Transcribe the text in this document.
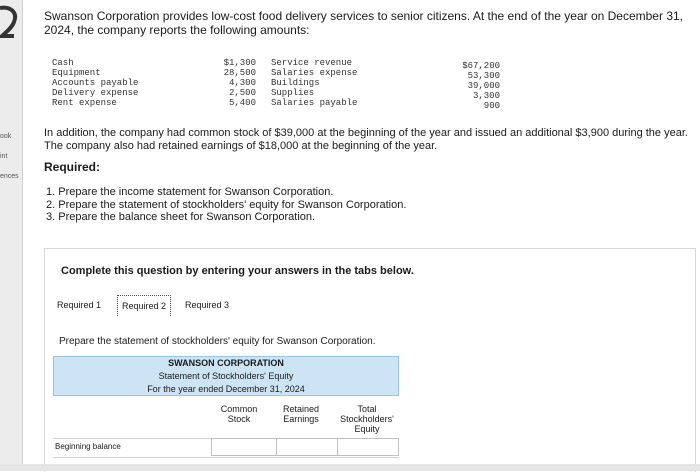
ook
int
ences
Swanson Corporation provides low-cost food delivery services to senior citizens. At the end of the year on December 31, 2024, the company reports the following amounts:
Cash
Equipment
Accounts payable
Delivery expense
Rent expense
$1,300
28,500
4,300
2,500
5,400
Service revenue
Salaries expense
Buildings
Supplies
Salaries payable
$67,200
53,300
39,000
3,300
900
In addition, the company had common stock of $39,000 at the beginning of the year and issued an additional $3,900 during the year. The company also had retained earnings of $18,000 at the beginning of the year.
Required:
1. Prepare the income statement for Swanson Corporation.
2. Prepare the statement of stockholders' equity for Swanson Corporation.
3. Prepare the balance sheet for Swanson Corporation.
Complete this question by entering your answers in the tabs below.
Required 1	Required 2	Required 3
Prepare the statement of stockholders' equity for Swanson Corporation.
SWANSON CORPORATION
Statement of Stockholders' Equity
For the year ended December 31, 2024
Common Stock
Retained Earnings
Total Stockholders' Equity
Beginning balance
